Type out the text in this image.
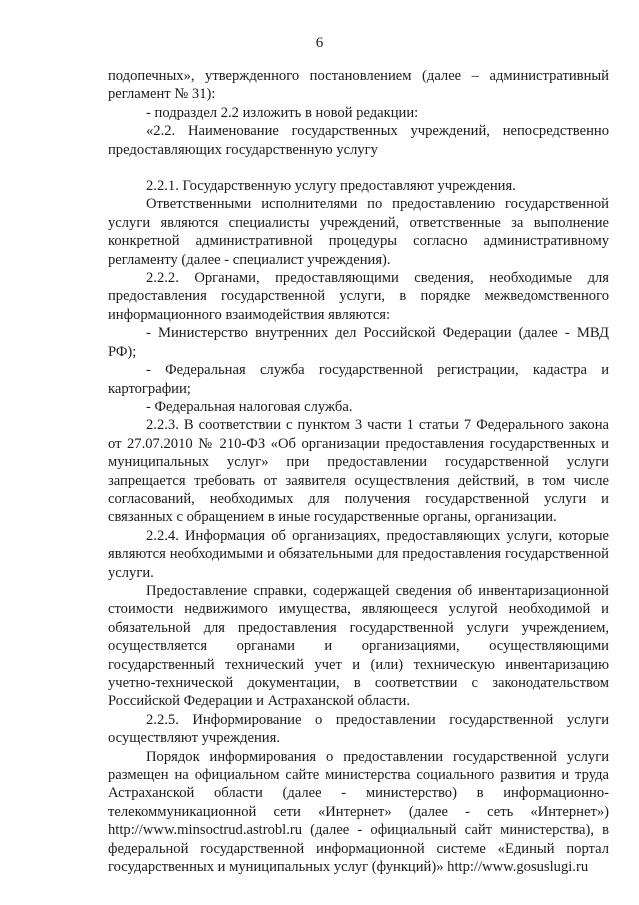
6

подопечных», утвержденного постановлением (далее – административный регламент № 31):

- подраздел 2.2 изложить в новой редакции:

«2.2. Наименование государственных учреждений, непосредственно предоставляющих государственную услугу

2.2.1. Государственную услугу предоставляют учреждения.

Ответственными исполнителями по предоставлению государственной услуги являются специалисты учреждений, ответственные за выполнение конкретной административной процедуры согласно административному регламенту (далее - специалист учреждения).

2.2.2. Органами, предоставляющими сведения, необходимые для предоставления государственной услуги, в порядке межведомственного информационного взаимодействия являются:

- Министерство внутренних дел Российской Федерации (далее - МВД РФ);

- Федеральная служба государственной регистрации, кадастра и картографии;

- Федеральная налоговая служба.

2.2.3. В соответствии с пунктом 3 части 1 статьи 7 Федерального закона от 27.07.2010 № 210-ФЗ «Об организации предоставления государственных и муниципальных услуг» при предоставлении государственной услуги запрещается требовать от заявителя осуществления действий, в том числе согласований, необходимых для получения государственной услуги и связанных с обращением в иные государственные органы, организации.

2.2.4. Информация об организациях, предоставляющих услуги, которые являются необходимыми и обязательными для предоставления государственной услуги.

Предоставление справки, содержащей сведения об инвентаризационной стоимости недвижимого имущества, являющееся услугой необходимой и обязательной для предоставления государственной услуги учреждением, осуществляется органами и организациями, осуществляющими государственный технический учет и (или) техническую инвентаризацию учетно-технической документации, в соответствии с законодательством Российской Федерации и Астраханской области.

2.2.5. Информирование о предоставлении государственной услуги осуществляют учреждения.

Порядок информирования о предоставлении государственной услуги размещен на официальном сайте министерства социального развития и труда Астраханской области (далее - министерство) в информационно-телекоммуникационной сети «Интернет» (далее - сеть «Интернет») http://www.minsoctrud.astrobl.ru (далее - официальный сайт министерства), в федеральной государственной информационной системе «Единый портал государственных и муниципальных услуг (функций)» http://www.gosuslugi.ru
